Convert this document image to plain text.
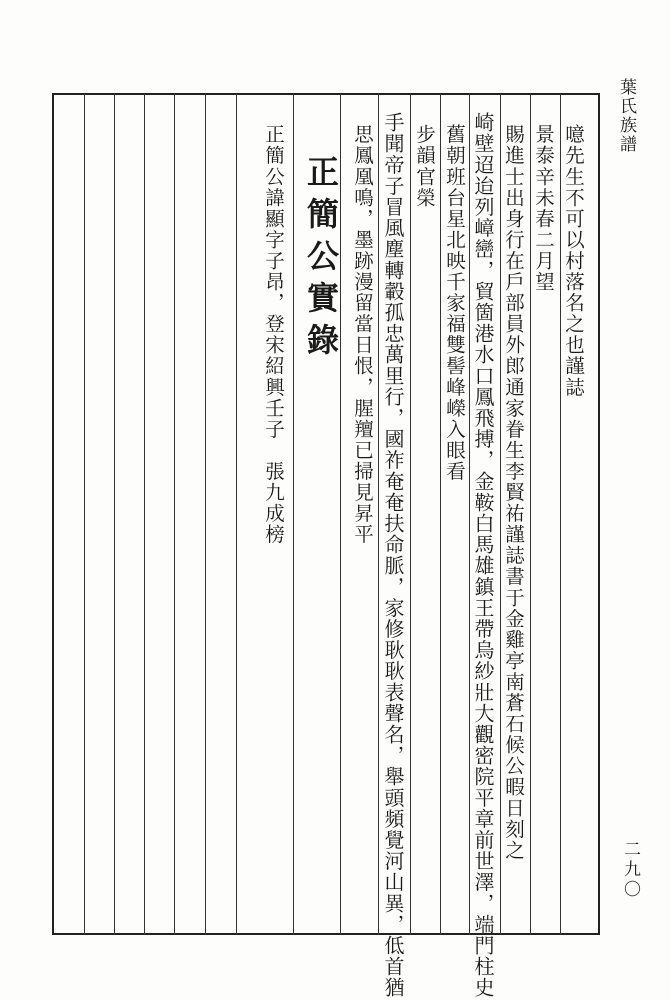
葉氏族譜
噫先生不可以村落名之也謹誌
景泰辛未春二月望
賜進士出身行在戶部員外郎通家眷生李賢祐謹誌書于金雞亭南蒼石候公暇日刻之
崎壁迢迨列嶂巒，貿箇港水口鳳飛搏，金鞍白馬雄鎮王帶烏紗壯大觀密院平章前世澤，端門柱史
舊朝班台星北映千家福雙髻峰嶸入眼看
步韻官榮
手聞帝子冒風塵轉轂孤忠萬里行，國祚奄奄扶命脈，家修耿耿表聲名，舉頭頻覺河山異，低首猶
思鳳凰鳴，墨跡漫留當日恨，腥羶已掃見昇平
正簡公實錄
正簡公諱顯字子昂，登宋紹興壬子　張九成榜
二九〇
